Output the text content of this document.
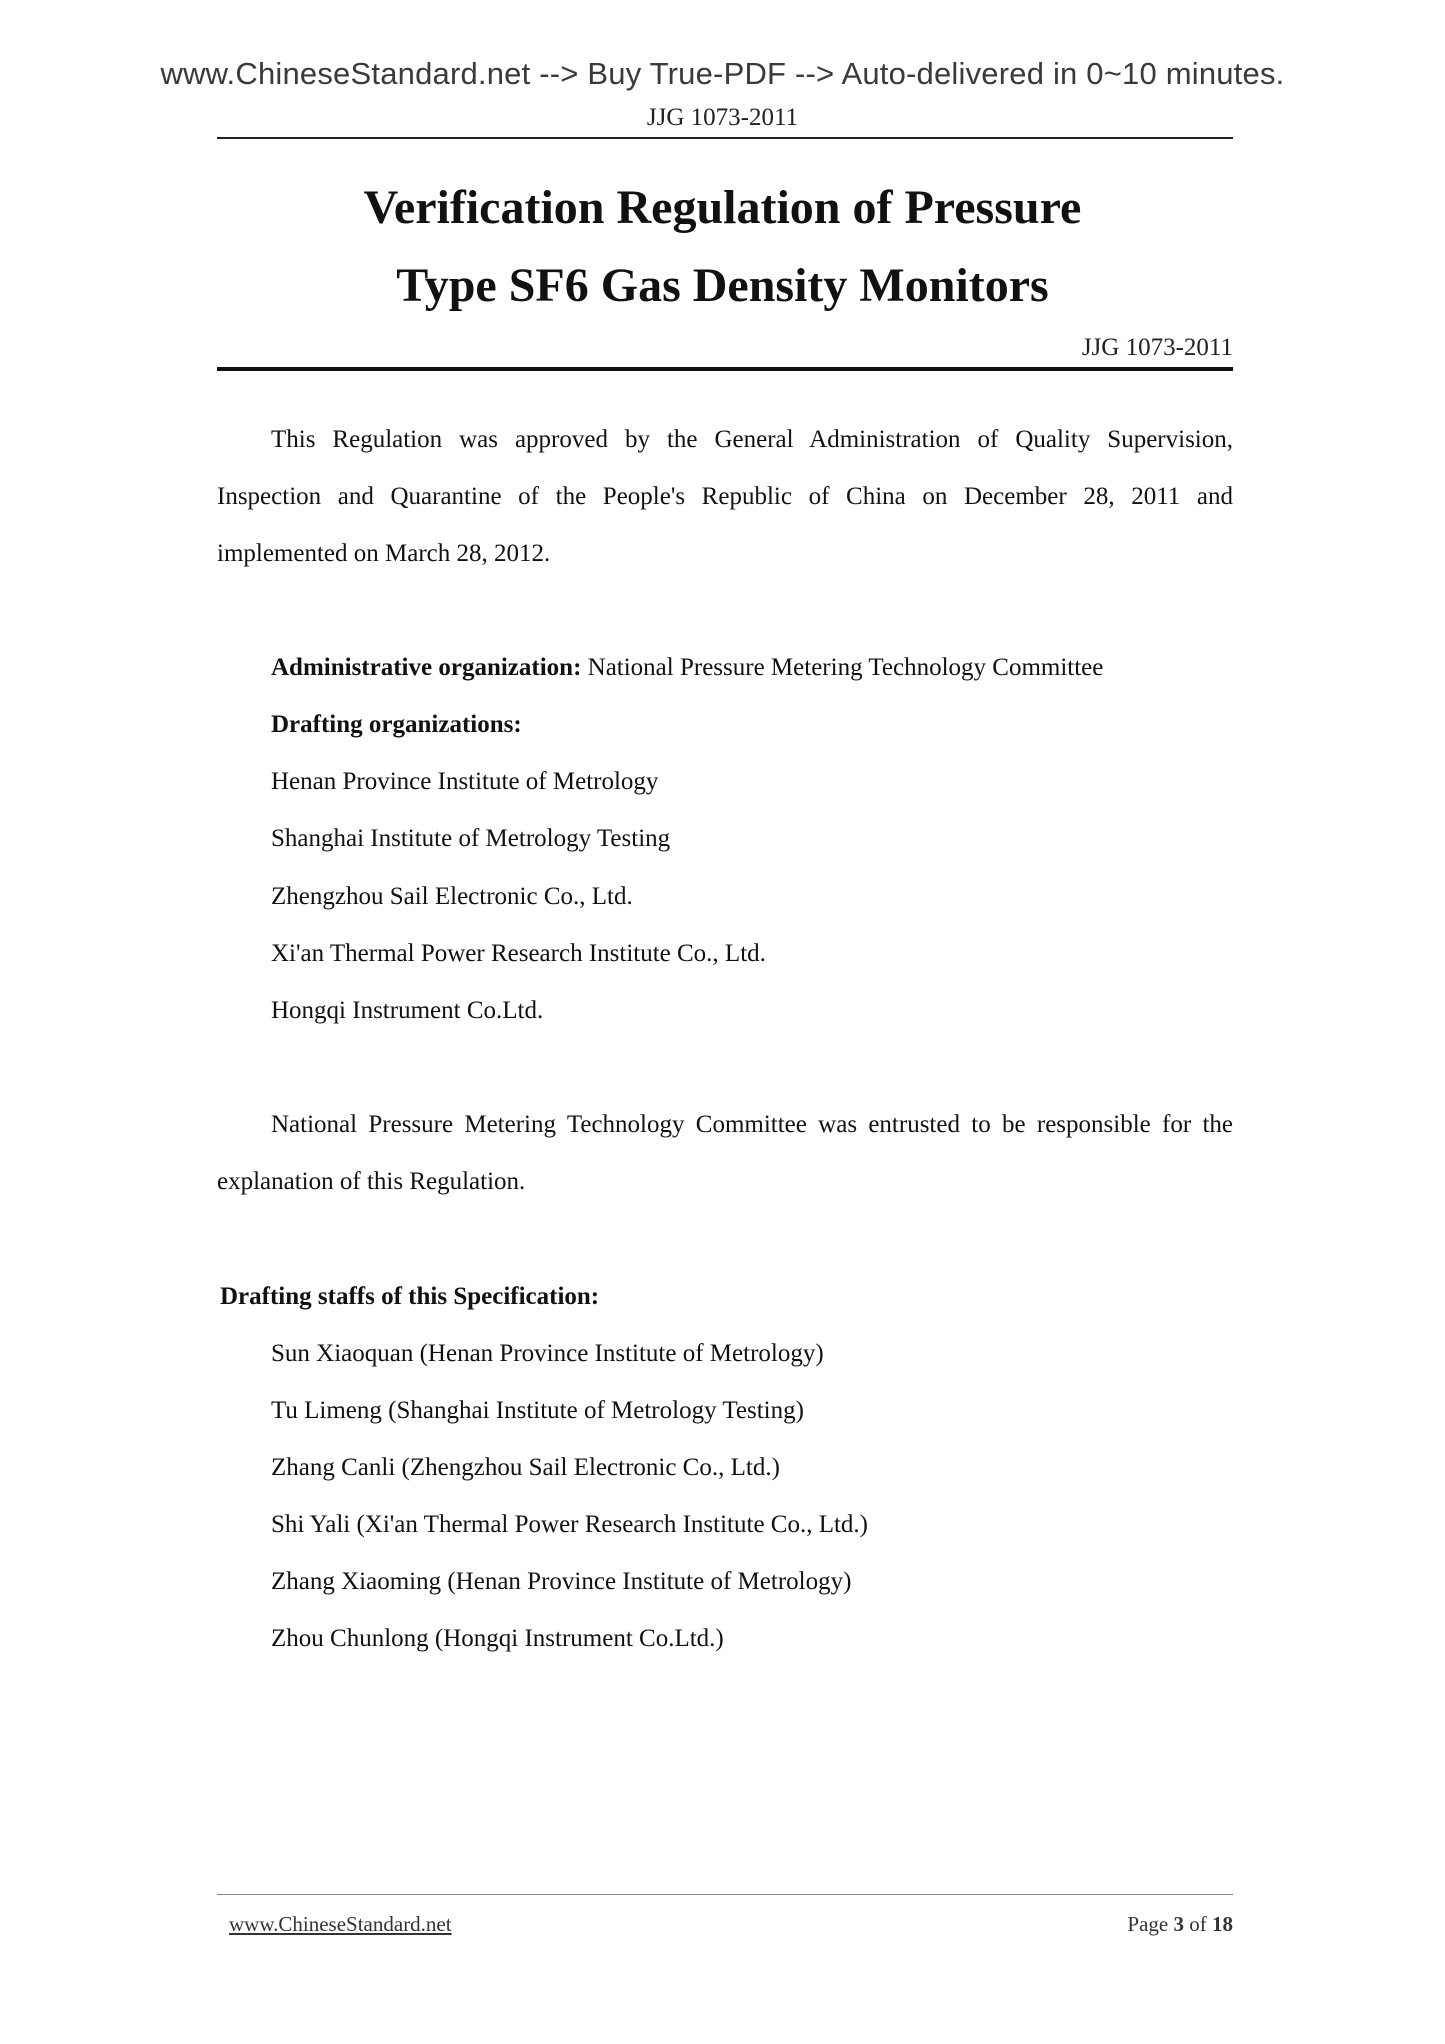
www.ChineseStandard.net --> Buy True-PDF --> Auto-delivered in 0~10 minutes.
JJG 1073-2011
Verification Regulation of Pressure
Type SF6 Gas Density Monitors
JJG 1073-2011

This Regulation was approved by the General Administration of Quality Supervision, Inspection and Quarantine of the People's Republic of China on December 28, 2011 and implemented on March 28, 2012.

Administrative organization: National Pressure Metering Technology Committee
Drafting organizations:
Henan Province Institute of Metrology
Shanghai Institute of Metrology Testing
Zhengzhou Sail Electronic Co., Ltd.
Xi'an Thermal Power Research Institute Co., Ltd.
Hongqi Instrument Co.Ltd.

National Pressure Metering Technology Committee was entrusted to be responsible for the explanation of this Regulation.

Drafting staffs of this Specification:
Sun Xiaoquan (Henan Province Institute of Metrology)
Tu Limeng (Shanghai Institute of Metrology Testing)
Zhang Canli (Zhengzhou Sail Electronic Co., Ltd.)
Shi Yali (Xi'an Thermal Power Research Institute Co., Ltd.)
Zhang Xiaoming (Henan Province Institute of Metrology)
Zhou Chunlong (Hongqi Instrument Co.Ltd.)
www.ChineseStandard.net	Page 3 of 18
